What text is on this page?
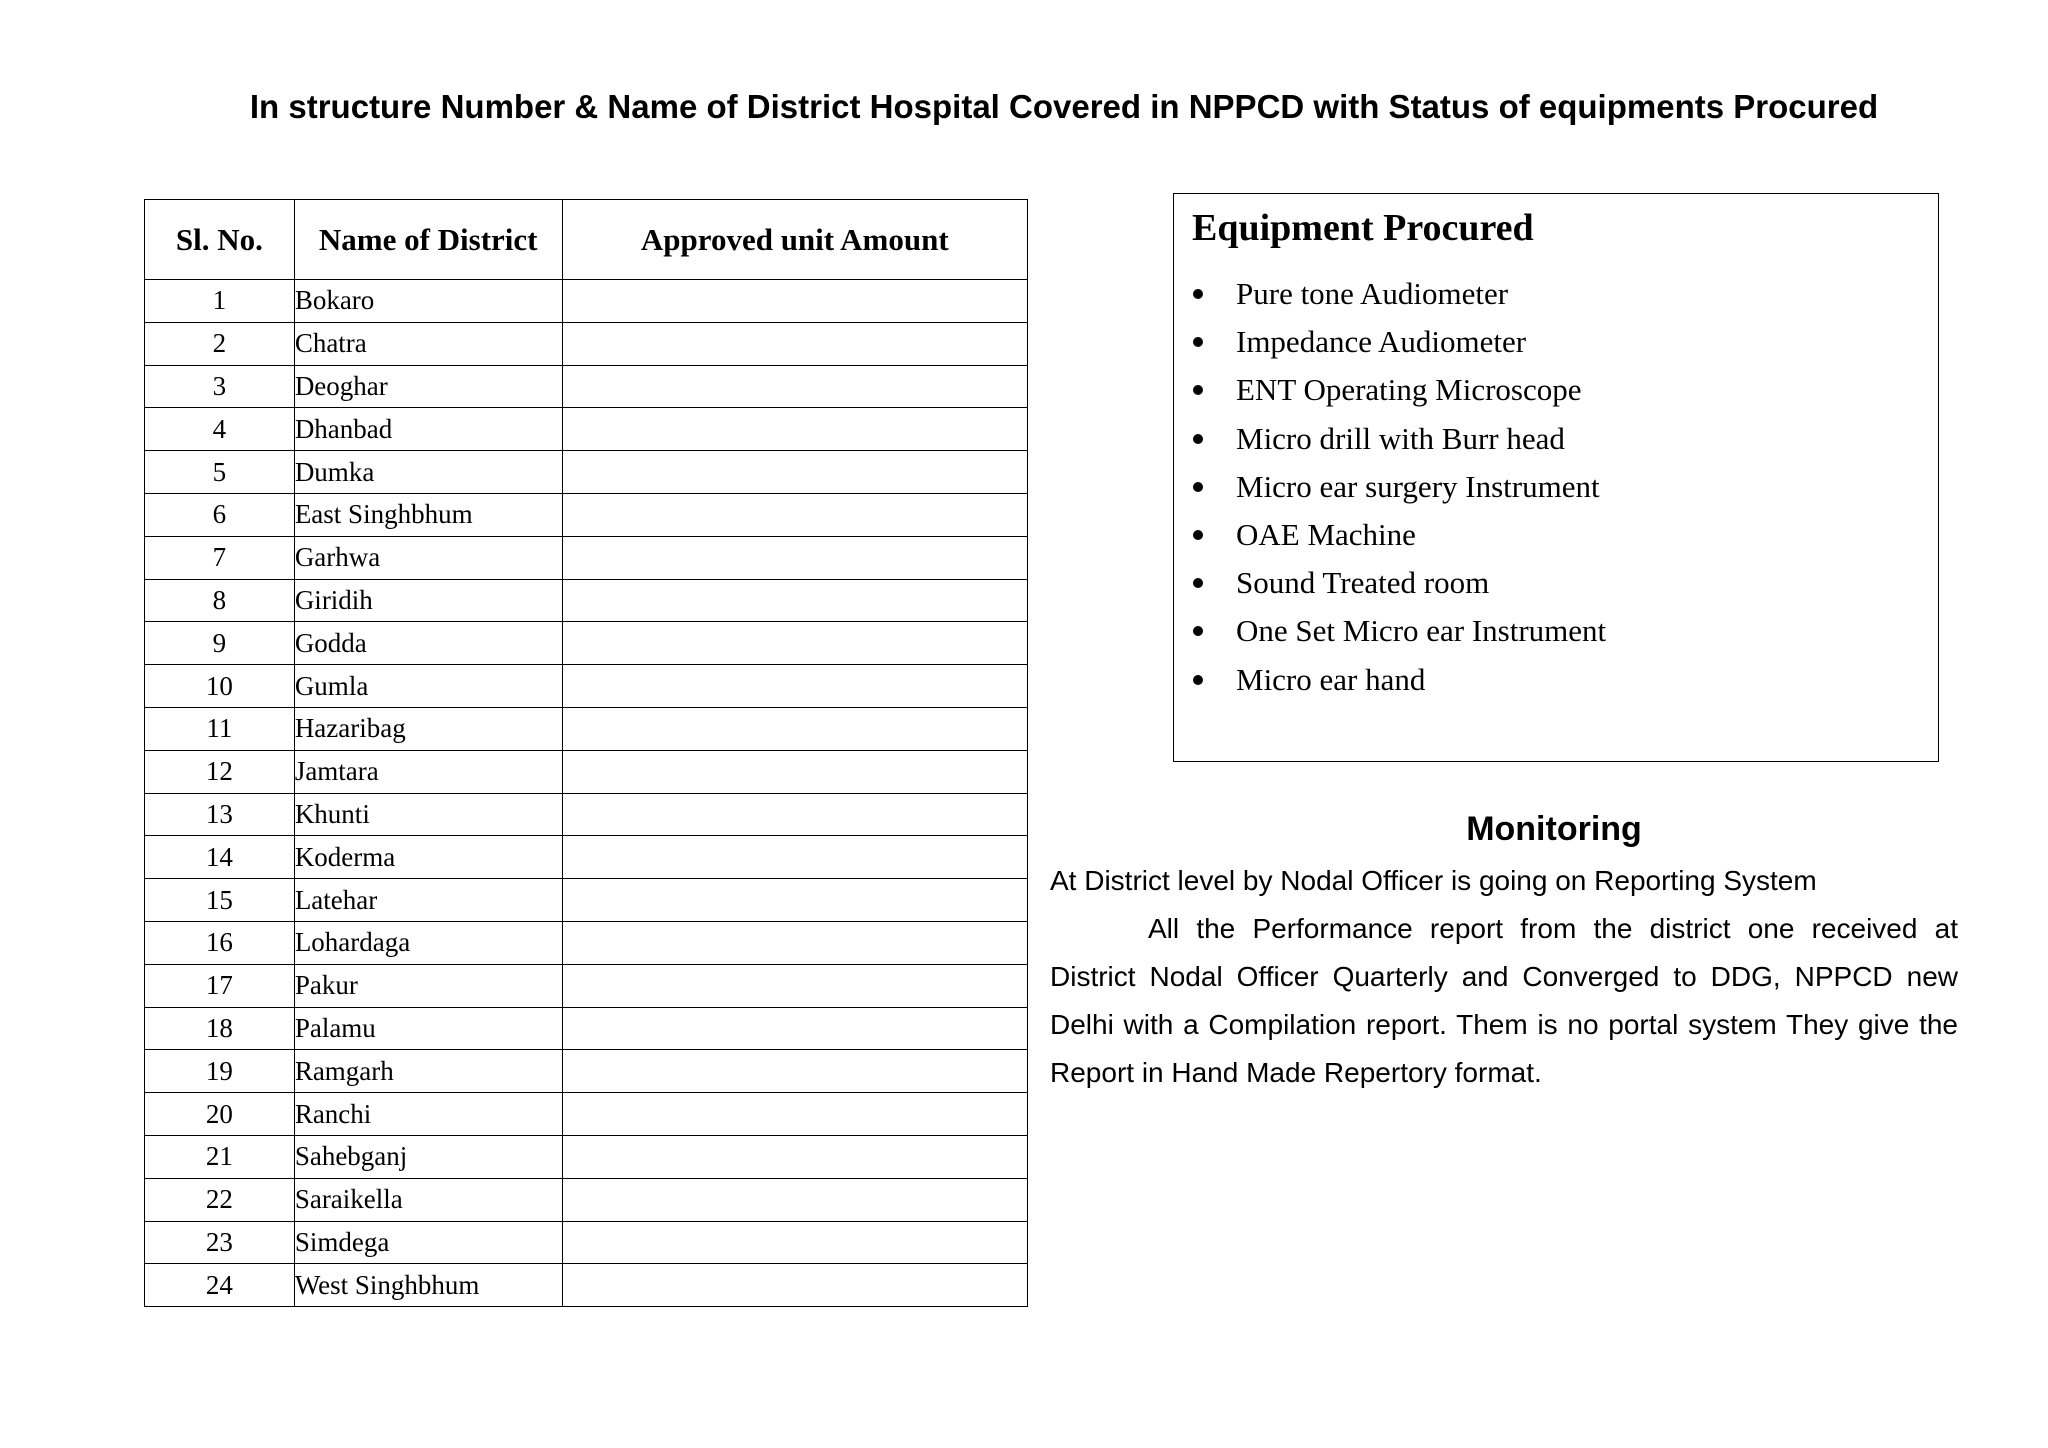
In structure Number & Name of District Hospital Covered in NPPCD with Status of equipments Procured
Sl. No.	Name of District	Approved unit Amount
1	Bokaro	
2	Chatra	
3	Deoghar	
4	Dhanbad	
5	Dumka	
6	East Singhbhum	
7	Garhwa	
8	Giridih	
9	Godda	
10	Gumla	
11	Hazaribag	
12	Jamtara	
13	Khunti	
14	Koderma	
15	Latehar	
16	Lohardaga	
17	Pakur	
18	Palamu	
19	Ramgarh	
20	Ranchi	
21	Sahebganj	
22	Saraikella	
23	Simdega	
24	West Singhbhum	
Equipment Procured
Pure tone Audiometer
Impedance Audiometer
ENT Operating Microscope
Micro drill with Burr head
Micro ear surgery Instrument
OAE Machine
Sound Treated room
One Set Micro ear Instrument
Micro ear hand
Monitoring

At District level by Nodal Officer is going on Reporting System

All the Performance report from the district one received at District Nodal Officer Quarterly and Converged to DDG, NPPCD new Delhi with a Compilation report. Them is no portal system They give the Report in Hand Made Repertory format.
